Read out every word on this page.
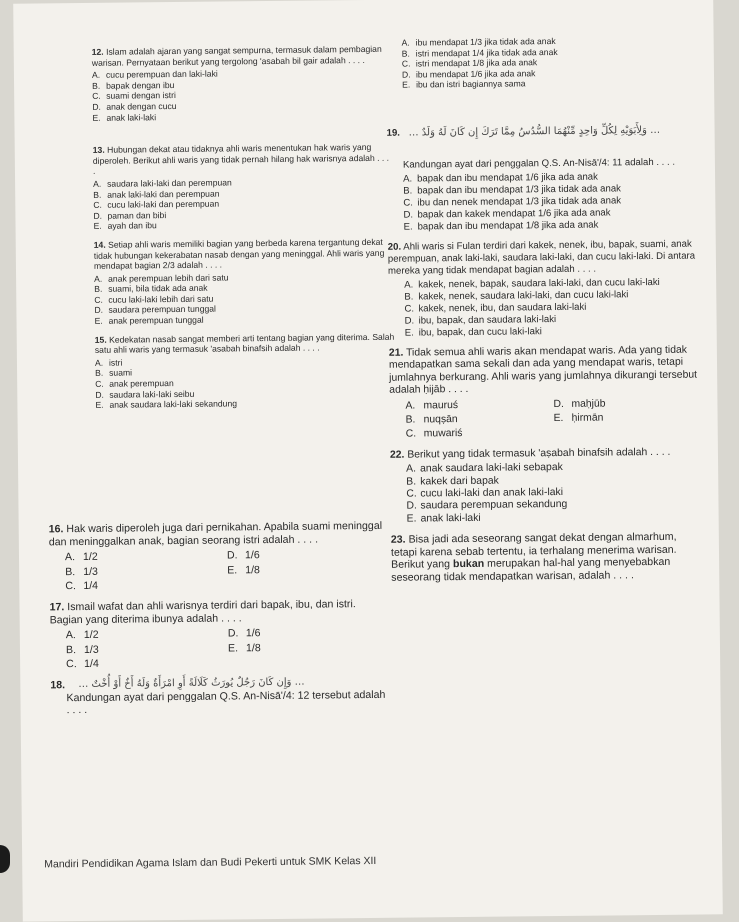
12. Islam adalah ajaran yang sangat sempurna, termasuk dalam pembagian warisan. Pernyataan berikut yang tergolong 'asabah bil gair adalah . . . .

A. cucu perempuan dan laki-laki
B. bapak dengan ibu
C. suami dengan istri
D. anak dengan cucu
E. anak laki-laki

13. Hubungan dekat atau tidaknya ahli waris menentukan hak waris yang diperoleh. Berikut ahli waris yang tidak pernah hilang hak warisnya adalah . . . .

A. saudara laki-laki dan perempuan
B. anak laki-laki dan perempuan
C. cucu laki-laki dan perempuan
D. paman dan bibi
E. ayah dan ibu

14. Setiap ahli waris memiliki bagian yang berbeda karena tergantung dekat tidak hubungan kekerabatan nasab dengan yang meninggal. Ahli waris yang mendapat bagian 2/3 adalah . . . .

A. anak perempuan lebih dari satu
B. suami, bila tidak ada anak
C. cucu laki-laki lebih dari satu
D. saudara perempuan tunggal
E. anak perempuan tunggal

15. Kedekatan nasab sangat memberi arti tentang bagian yang diterima. Salah satu ahli waris yang termasuk 'asabah binafsih adalah . . . .

A. istri
B. suami
C. anak perempuan
D. saudara laki-laki seibu
E. anak saudara laki-laki sekandung

16. Hak waris diperoleh juga dari pernikahan. Apabila suami meninggal dan meninggalkan anak, bagian seorang istri adalah . . . .

A. 1/2	D. 1/6
B. 1/3	E. 1/8
C. 1/4

17. Ismail wafat dan ahli warisnya terdiri dari bapak, ibu, dan istri. Bagian yang diterima ibunya adalah . . . .

A. 1/2	D. 1/6
B. 1/3	E. 1/8
C. 1/4
18.	… وَإِن كَانَ رَجُلٌ يُورَثُ كَلَالَةً أَوِ امْرَأَةٌ وَلَهُ أَخٌ أَوْ أُخْتٌ …

Kandungan ayat dari penggalan Q.S. An-Nisā'/4: 12 tersebut adalah . . . .

A. ibu mendapat 1/3 jika tidak ada anak
B. istri mendapat 1/4 jika tidak ada anak
C. istri mendapat 1/8 jika ada anak
D. ibu mendapat 1/6 jika ada anak
E. ibu dan istri bagiannya sama
19. … وَلِأَبَوَيْهِ لِكُلِّ وَاحِدٍ مِّنْهُمَا السُّدُسُ مِمَّا تَرَكَ إِن كَانَ لَهُ وَلَدٌ …

Kandungan ayat dari penggalan Q.S. An-Nisā'/4: 11 adalah . . . .

A. bapak dan ibu mendapat 1/6 jika ada anak
B. bapak dan ibu mendapat 1/3 jika tidak ada anak
C. ibu dan nenek mendapat 1/3 jika tidak ada anak
D. bapak dan kakek mendapat 1/6 jika ada anak
E. bapak dan ibu mendapat 1/8 jika ada anak

20. Ahli waris si Fulan terdiri dari kakek, nenek, ibu, bapak, suami, anak perempuan, anak laki-laki, saudara laki-laki, dan cucu laki-laki. Di antara mereka yang tidak mendapat bagian adalah . . . .

A. kakek, nenek, bapak, saudara laki-laki, dan cucu laki-laki
B. kakek, nenek, saudara laki-laki, dan cucu laki-laki
C. kakek, nenek, ibu, dan saudara laki-laki
D. ibu, bapak, dan saudara laki-laki
E. ibu, bapak, dan cucu laki-laki

21. Tidak semua ahli waris akan mendapat waris. Ada yang tidak mendapatkan sama sekali dan ada yang mendapat waris, tetapi jumlahnya berkurang. Ahli waris yang jumlahnya dikurangi tersebut adalah ḥijāb . . . .

A. mauruś	D. maḥjūb
B. nuqṣān	E. ḥirmān
C. muwariś

22. Berikut yang tidak termasuk 'aṣabah binafsih adalah . . . .

A. anak saudara laki-laki sebapak
B. kakek dari bapak
C. cucu laki-laki dan anak laki-laki
D. saudara perempuan sekandung
E. anak laki-laki

23. Bisa jadi ada seseorang sangat dekat dengan almarhum, tetapi karena sebab tertentu, ia terhalang menerima warisan. Berikut yang bukan merupakan hal-hal yang menyebabkan seseorang tidak mendapatkan warisan, adalah . . . .

Mandiri Pendidikan Agama Islam dan Budi Pekerti untuk SMK Kelas XII
